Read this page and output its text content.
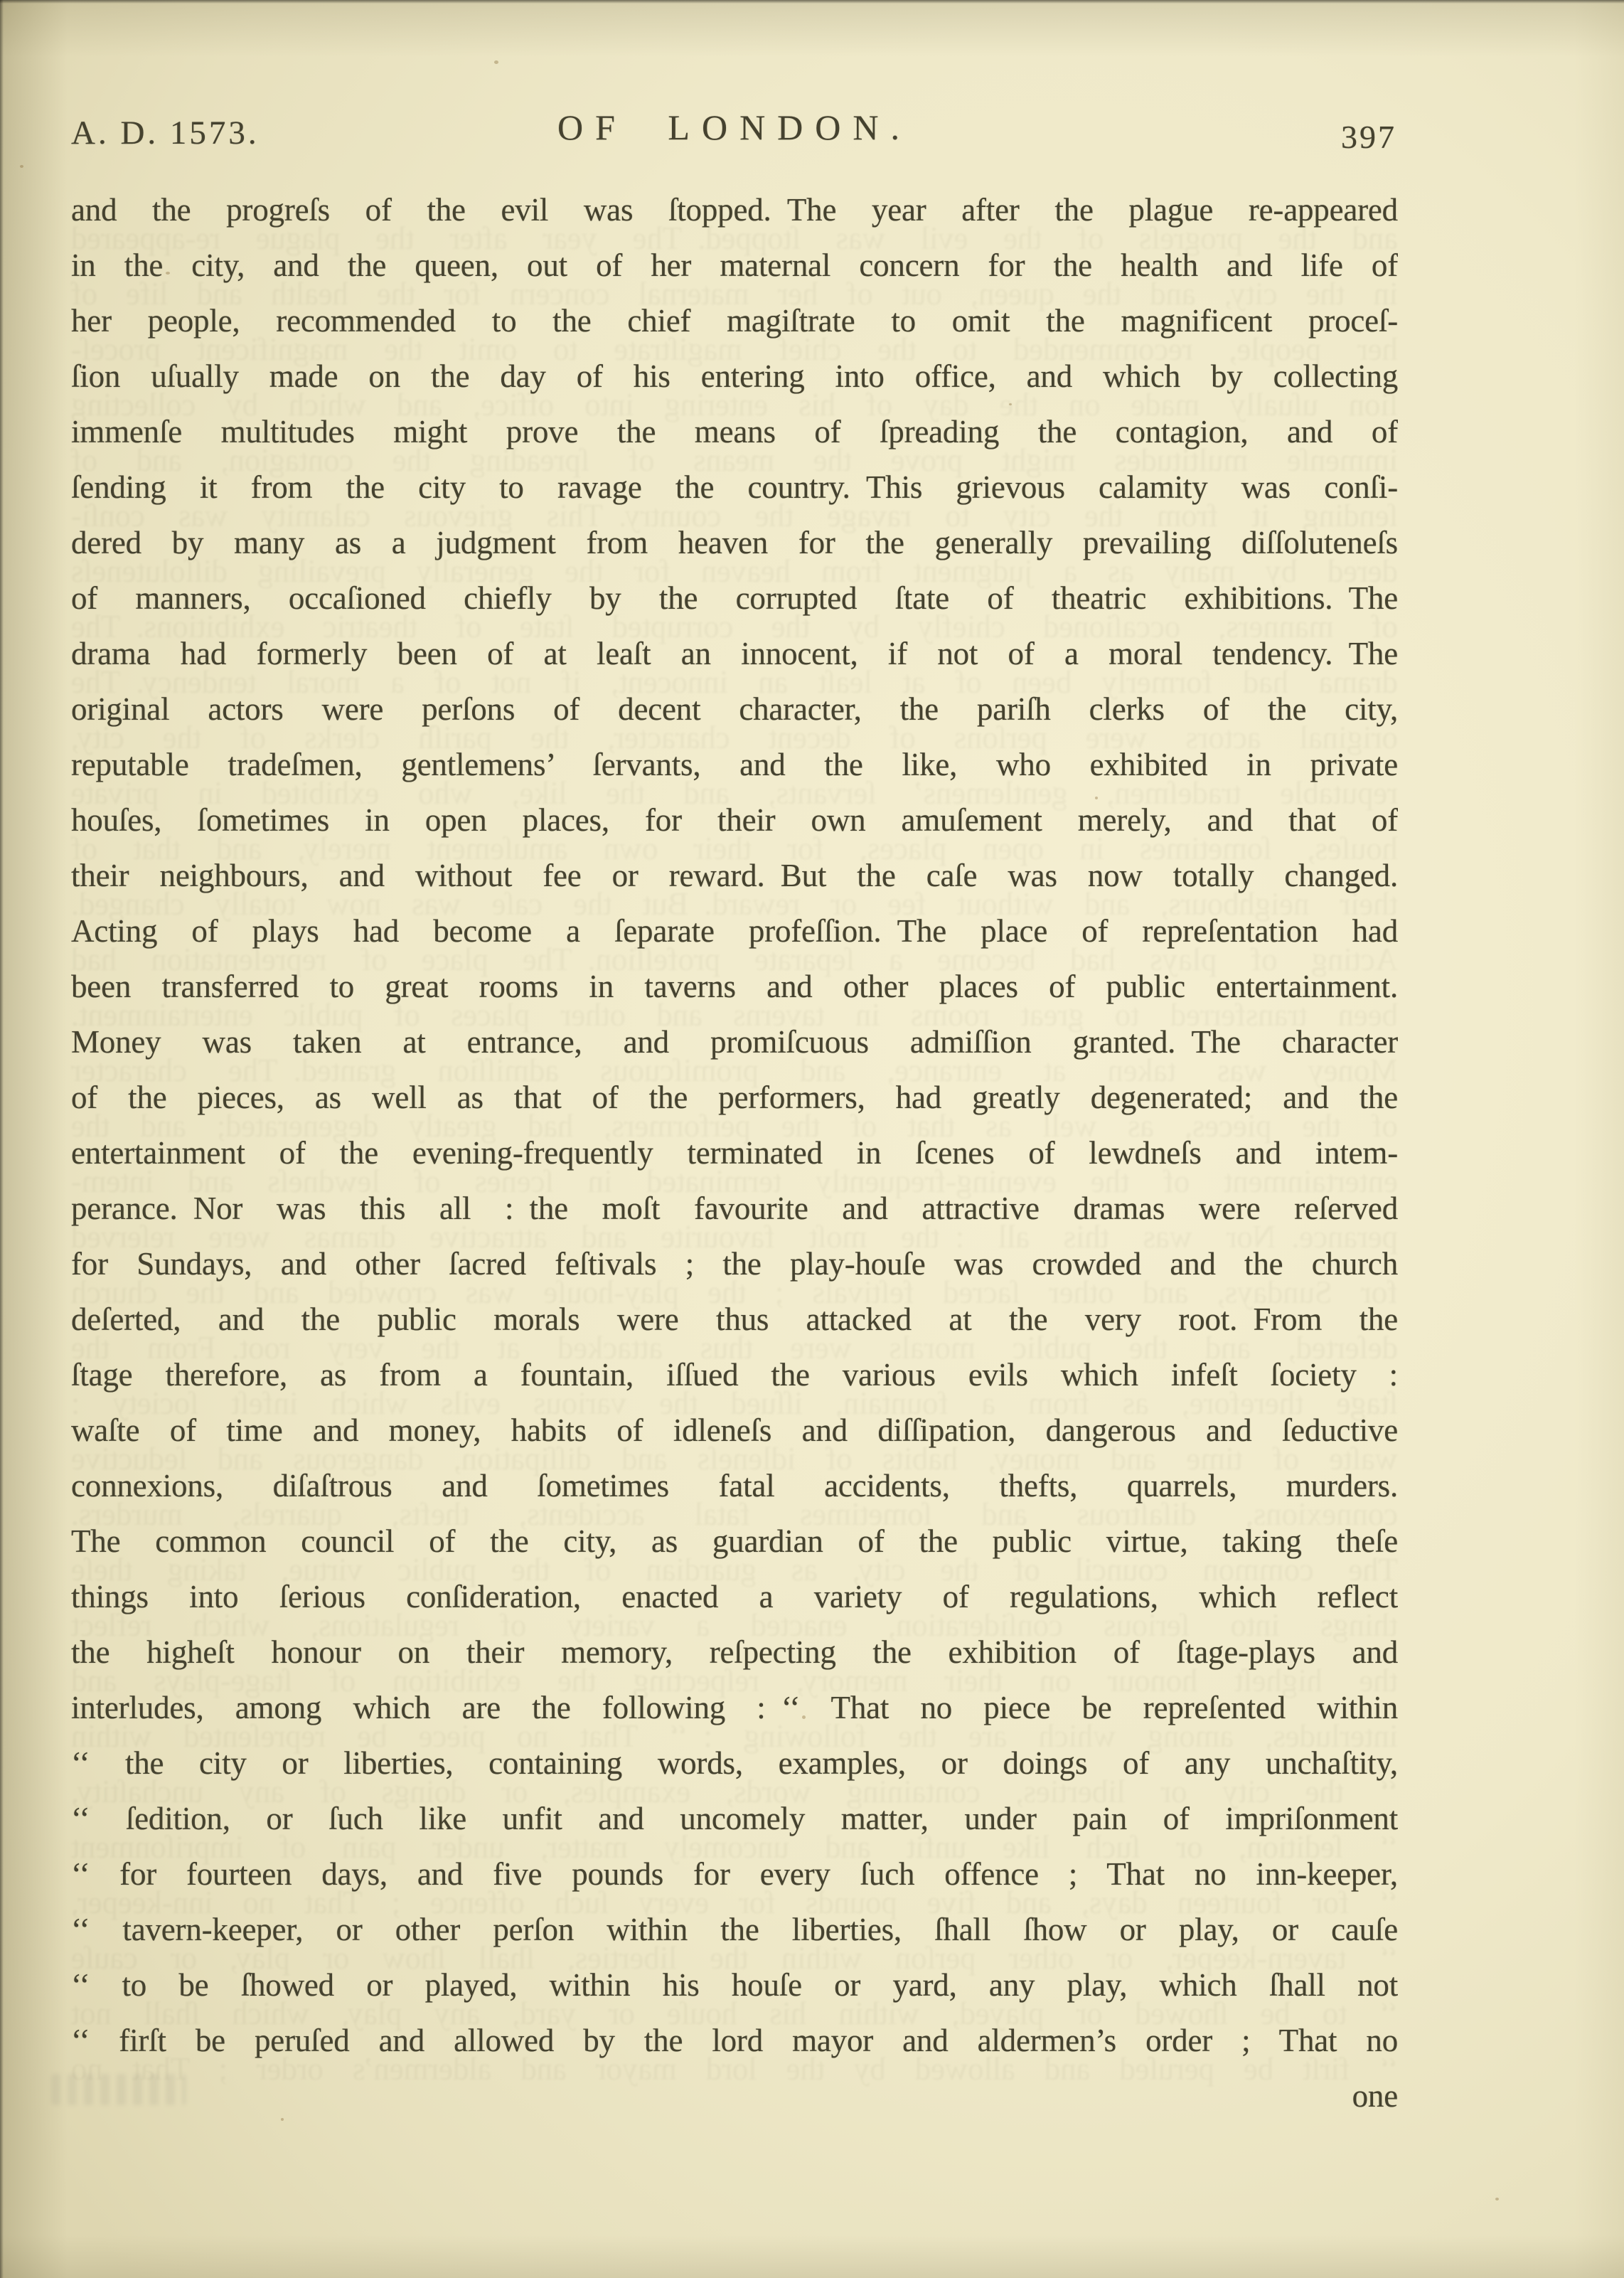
and the progreſs of the evil was ſtopped. The year after the plague re-appeared
in the city, and the queen, out of her maternal concern for the health and life of
her people, recommended to the chief magiſtrate to omit the magnificent proceſ-
ſion uſually made on the day of his entering into office, and which by collecting
immenſe multitudes might prove the means of ſpreading the contagion, and of
ſending it from the city to ravage the country. This grievous calamity was conſi-
dered by many as a judgment from heaven for the generally prevailing diſſoluteneſs
of manners, occaſioned chiefly by the corrupted ſtate of theatric exhibitions. The
drama had formerly been of at leaſt an innocent, if not of a moral tendency. The
original actors were perſons of decent character, the pariſh clerks of the city,
reputable tradeſmen, gentlemens’ ſervants, and the like, who exhibited in private
houſes, ſometimes in open places, for their own amuſement merely, and that of
their neighbours, and without fee or reward. But the caſe was now totally changed.
Acting of plays had become a ſeparate profeſſion. The place of repreſentation had
been transferred to great rooms in taverns and other places of public entertainment.
Money was taken at entrance, and promiſcuous admiſſion granted. The character
of the pieces, as well as that of the performers, had greatly degenerated; and the
entertainment of the evening-frequently terminated in ſcenes of lewdneſs and intem-
perance. Nor was this all : the moſt favourite and attractive dramas were reſerved
for Sundays, and other ſacred feſtivals ; the play-houſe was crowded and the church
deſerted, and the public morals were thus attacked at the very root. From the
ſtage therefore, as from a fountain, iſſued the various evils which infeſt ſociety :
waſte of time and money, habits of idleneſs and diſſipation, dangerous and ſeductive
connexions, diſaſtrous and ſometimes fatal accidents, thefts, quarrels, murders.
The common council of the city, as guardian of the public virtue, taking theſe
things into ſerious conſideration, enacted a variety of regulations, which reflect
the higheſt honour on their memory, reſpecting the exhibition of ſtage-plays and
interludes, among which are the following : ‘‘ That no piece be repreſented within
‘‘ the city or liberties, containing words, examples, or doings of any unchaſtity,
‘‘ ſedition, or ſuch like unfit and uncomely matter, under pain of impriſonment
‘‘ for fourteen days, and five pounds for every ſuch offence ; That no inn-keeper,
‘‘ tavern-keeper, or other perſon within the liberties, ſhall ſhow or play, or cauſe
‘‘ to be ſhowed or played, within his houſe or yard, any play, which ſhall not
‘‘ firſt be peruſed and allowed by the lord mayor and aldermen’s order ; That no
A. D. 1573.	OF LONDON.	397
and the progreſs of the evil was ſtopped. The year after the plague re-appeared
in the city, and the queen, out of her maternal concern for the health and life of
her people, recommended to the chief magiſtrate to omit the magnificent proceſ-
ſion uſually made on the day of his entering into office, and which by collecting
immenſe multitudes might prove the means of ſpreading the contagion, and of
ſending it from the city to ravage the country. This grievous calamity was conſi-
dered by many as a judgment from heaven for the generally prevailing diſſoluteneſs
of manners, occaſioned chiefly by the corrupted ſtate of theatric exhibitions. The
drama had formerly been of at leaſt an innocent, if not of a moral tendency. The
original actors were perſons of decent character, the pariſh clerks of the city,
reputable tradeſmen, gentlemens’ ſervants, and the like, who exhibited in private
houſes, ſometimes in open places, for their own amuſement merely, and that of
their neighbours, and without fee or reward. But the caſe was now totally changed.
Acting of plays had become a ſeparate profeſſion. The place of repreſentation had
been transferred to great rooms in taverns and other places of public entertainment.
Money was taken at entrance, and promiſcuous admiſſion granted. The character
of the pieces, as well as that of the performers, had greatly degenerated; and the
entertainment of the evening-frequently terminated in ſcenes of lewdneſs and intem-
perance. Nor was this all : the moſt favourite and attractive dramas were reſerved
for Sundays, and other ſacred feſtivals ; the play-houſe was crowded and the church
deſerted, and the public morals were thus attacked at the very root. From the
ſtage therefore, as from a fountain, iſſued the various evils which infeſt ſociety :
waſte of time and money, habits of idleneſs and diſſipation, dangerous and ſeductive
connexions, diſaſtrous and ſometimes fatal accidents, thefts, quarrels, murders.
The common council of the city, as guardian of the public virtue, taking theſe
things into ſerious conſideration, enacted a variety of regulations, which reflect
the higheſt honour on their memory, reſpecting the exhibition of ſtage-plays and
interludes, among which are the following : ‘‘ That no piece be repreſented within
‘‘ the city or liberties, containing words, examples, or doings of any unchaſtity,
‘‘ ſedition, or ſuch like unfit and uncomely matter, under pain of impriſonment
‘‘ for fourteen days, and five pounds for every ſuch offence ; That no inn-keeper,
‘‘ tavern-keeper, or other perſon within the liberties, ſhall ſhow or play, or cauſe
‘‘ to be ſhowed or played, within his houſe or yard, any play, which ſhall not
‘‘ firſt be peruſed and allowed by the lord mayor and aldermen’s order ; That no
one
